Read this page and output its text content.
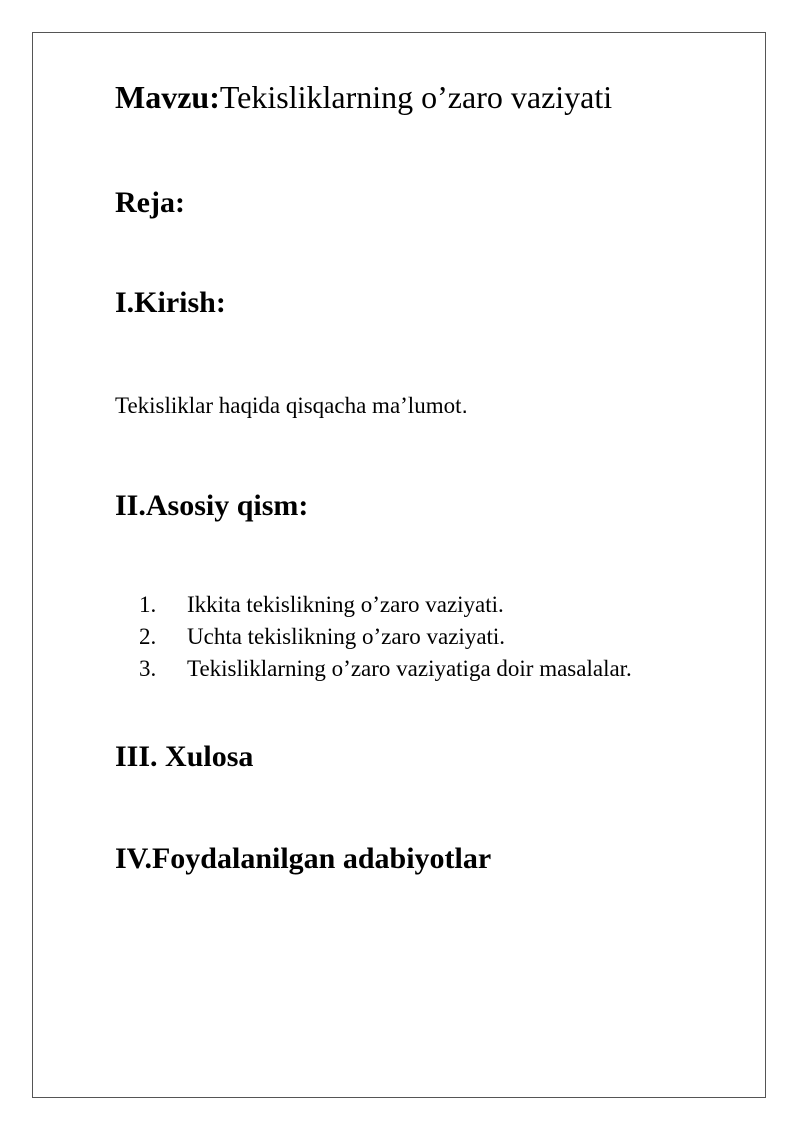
Mavzu:Tekisliklarning o’zaro vaziyati
Reja:
I.Kirish:
Tekisliklar haqida qisqacha ma’lumot.
II.Asosiy qism:
1. Ikkita tekislikning o’zaro vaziyati.
2. Uchta tekislikning o’zaro vaziyati.
3. Tekisliklarning o’zaro vaziyatiga doir masalalar.
III. Xulosa
IV.Foydalanilgan adabiyotlar
